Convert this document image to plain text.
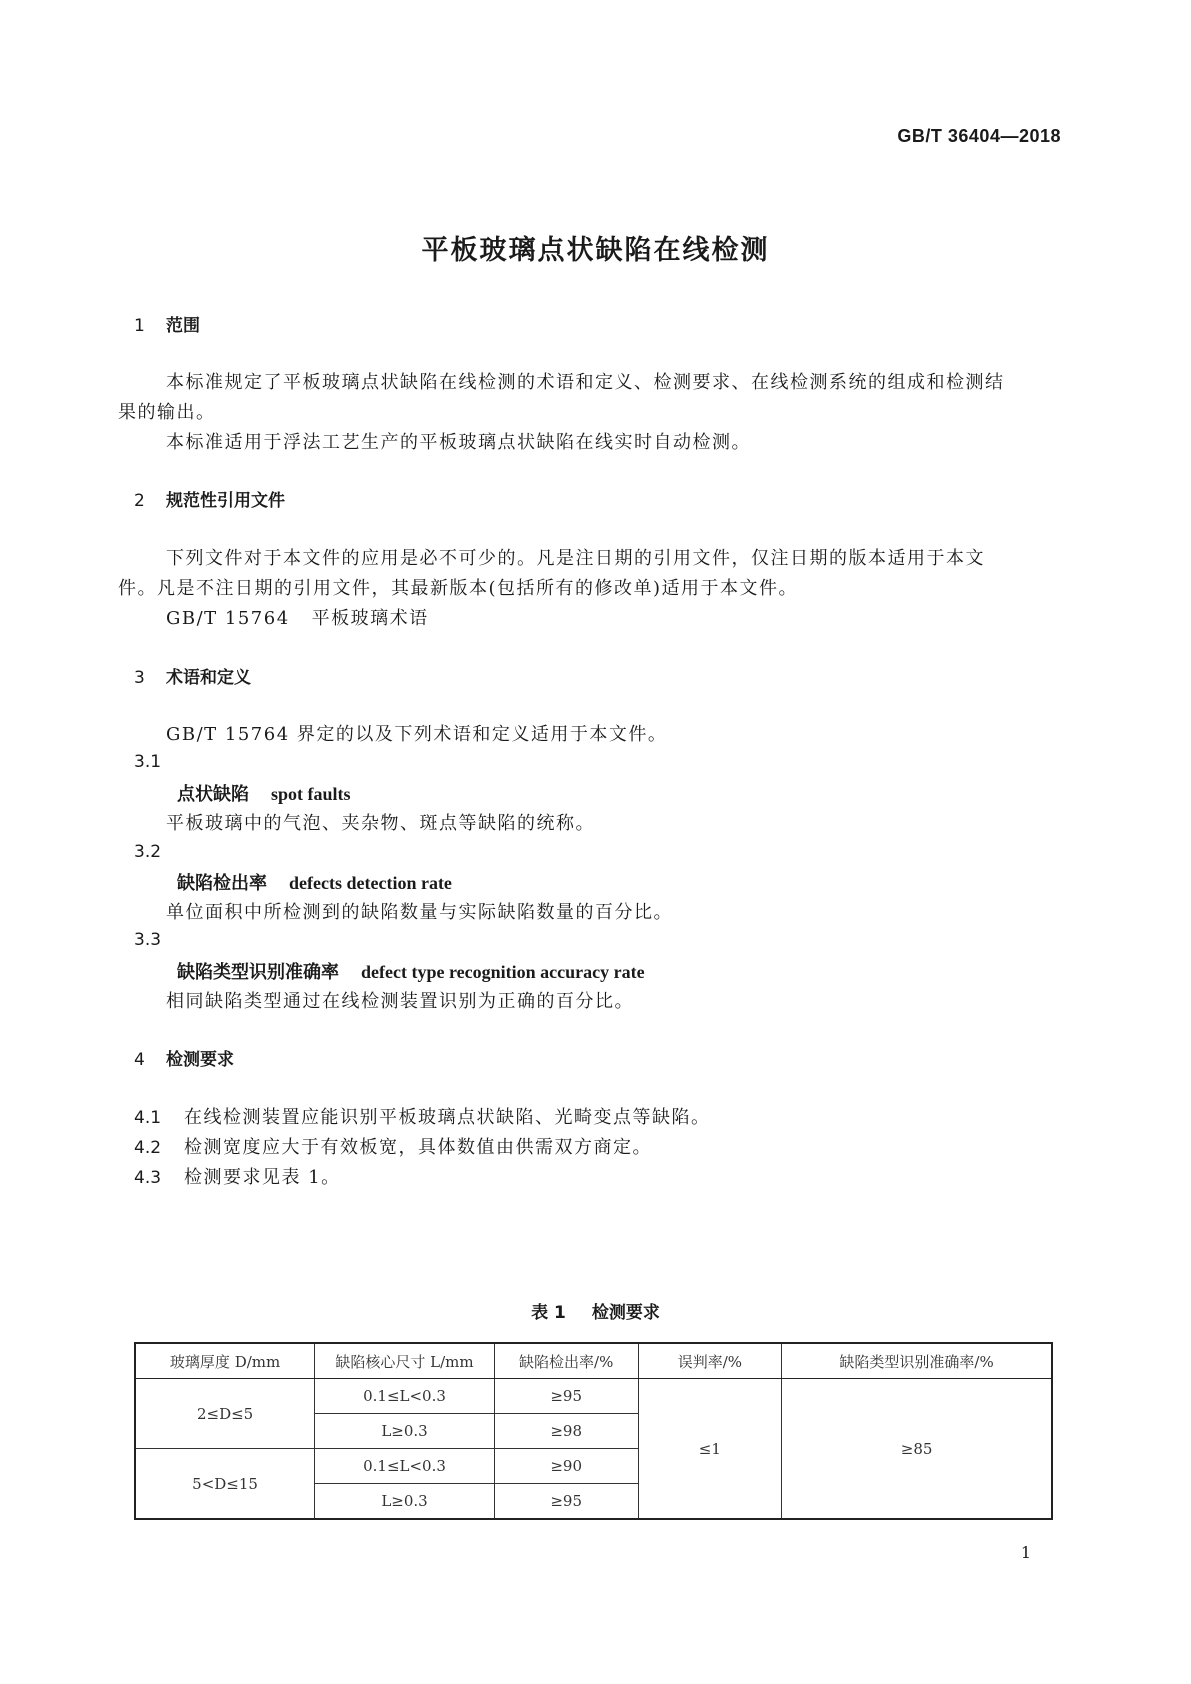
GB/T 36404—2018
平板玻璃点状缺陷在线检测
1 范围
本标准规定了平板玻璃点状缺陷在线检测的术语和定义、检测要求、在线检测系统的组成和检测结
果的输出。
本标准适用于浮法工艺生产的平板玻璃点状缺陷在线实时自动检测。
2 规范性引用文件
下列文件对于本文件的应用是必不可少的。凡是注日期的引用文件，仅注日期的版本适用于本文
件。凡是不注日期的引用文件，其最新版本(包括所有的修改单)适用于本文件。
GB/T 15764 平板玻璃术语
3 术语和定义
GB/T 15764 界定的以及下列术语和定义适用于本文件。
3.1
点状缺陷 spot faults
平板玻璃中的气泡、夹杂物、斑点等缺陷的统称。
3.2
缺陷检出率 defects detection rate
单位面积中所检测到的缺陷数量与实际缺陷数量的百分比。
3.3
缺陷类型识别准确率 defect type recognition accuracy rate
相同缺陷类型通过在线检测装置识别为正确的百分比。
4 检测要求
4.1 在线检测装置应能识别平板玻璃点状缺陷、光畸变点等缺陷。
4.2 检测宽度应大于有效板宽，具体数值由供需双方商定。
4.3 检测要求见表 1。
表 1 检测要求
玻璃厚度 D/mm	缺陷核心尺寸 L/mm	缺陷检出率/%	误判率/%	缺陷类型识别准确率/%
2≤D≤5	0.1≤L<0.3	≥95	≤1	≥85
	L≥0.3	≥98		
5<D≤15	0.1≤L<0.3	≥90		
	L≥0.3	≥95		
1
